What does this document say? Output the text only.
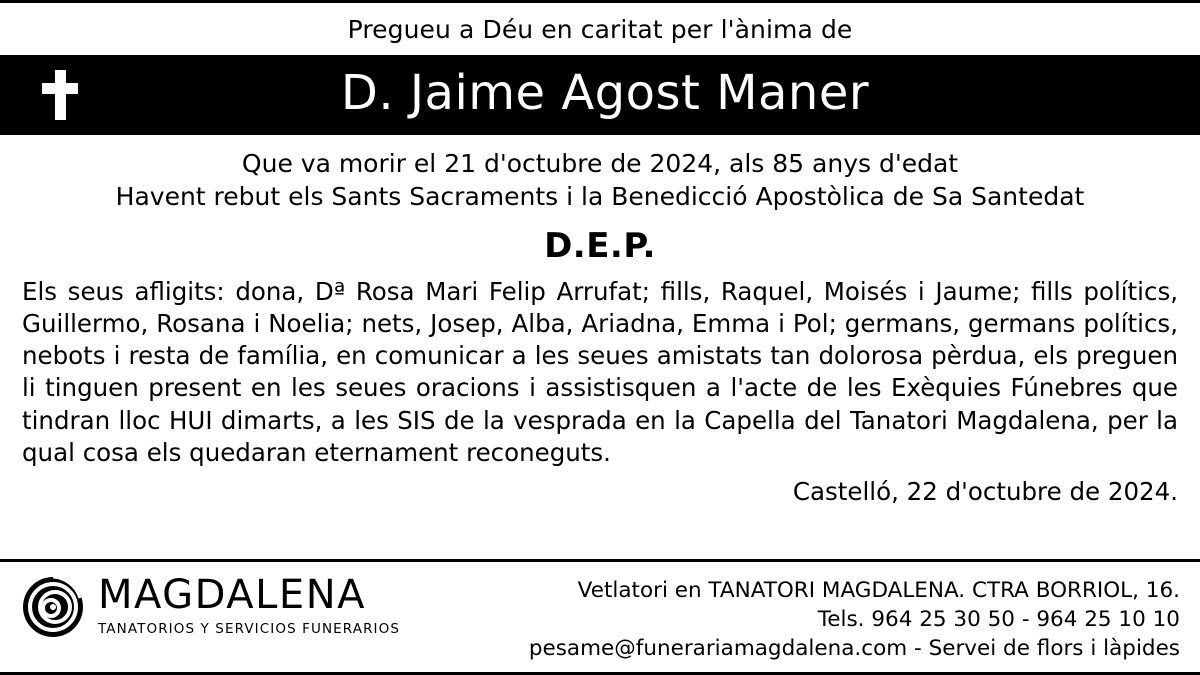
Pregueu a Déu en caritat per l'ànima de
D. Jaime Agost Maner
Que va morir el 21 d'octubre de 2024, als 85 anys d'edat
Havent rebut els Sants Sacraments i la Benedicció Apostòlica de Sa Santedat
D.E.P.
Els seus afligits: dona, Dª Rosa Mari Felip Arrufat; fills, Raquel, Moisés i Jaume; fills polítics, Guillermo, Rosana i Noelia; nets, Josep, Alba, Ariadna, Emma i Pol; germans, germans polítics, nebots i resta de família, en comunicar a les seues amistats tan dolorosa pèrdua, els preguen li tinguen present en les seues oracions i assistisquen a l'acte de les Exèquies Fúnebres que tindran lloc HUI dimarts, a les SIS de la vesprada en la Capella del Tanatori Magdalena, per la qual cosa els quedaran eternament reconeguts.
Castelló, 22 d'octubre de 2024.
MAGDALENA
TANATORIOS Y SERVICIOS FUNERARIOS
Vetlatori en TANATORI MAGDALENA. CTRA BORRIOL, 16.
Tels. 964 25 30 50 - 964 25 10 10
pesame@funerariamagdalena.com - Servei de flors i làpides
